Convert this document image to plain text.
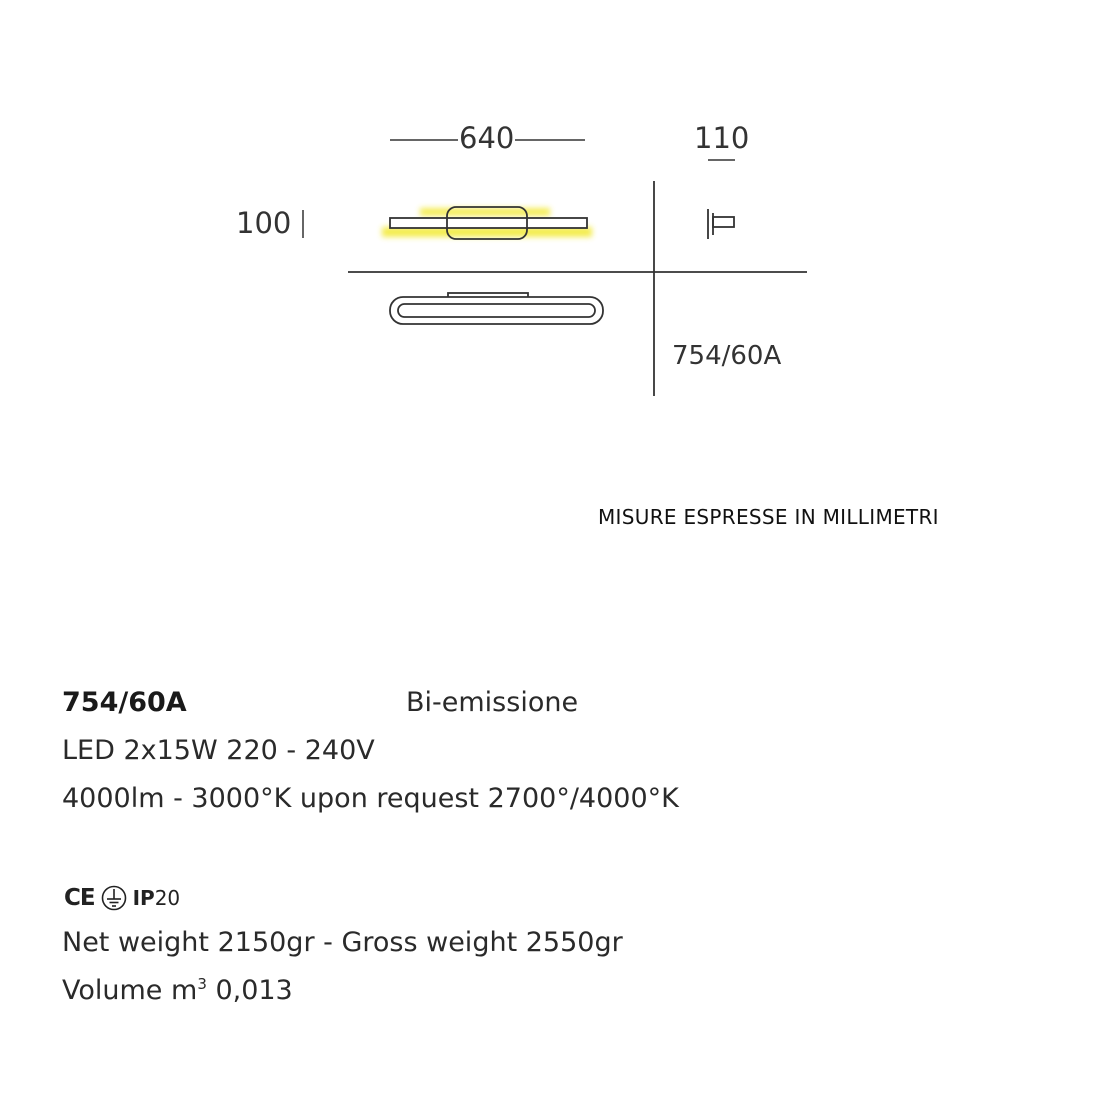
640	110
100
754/60A
MISURE ESPRESSE IN MILLIMETRI
754/60A	Bi-emissione
LED 2x15W 220 - 240V
4000lm - 3000°K upon request 2700°/4000°K
CE IP20
Net weight 2150gr - Gross weight 2550gr
Volume $m^3$ 0,013
